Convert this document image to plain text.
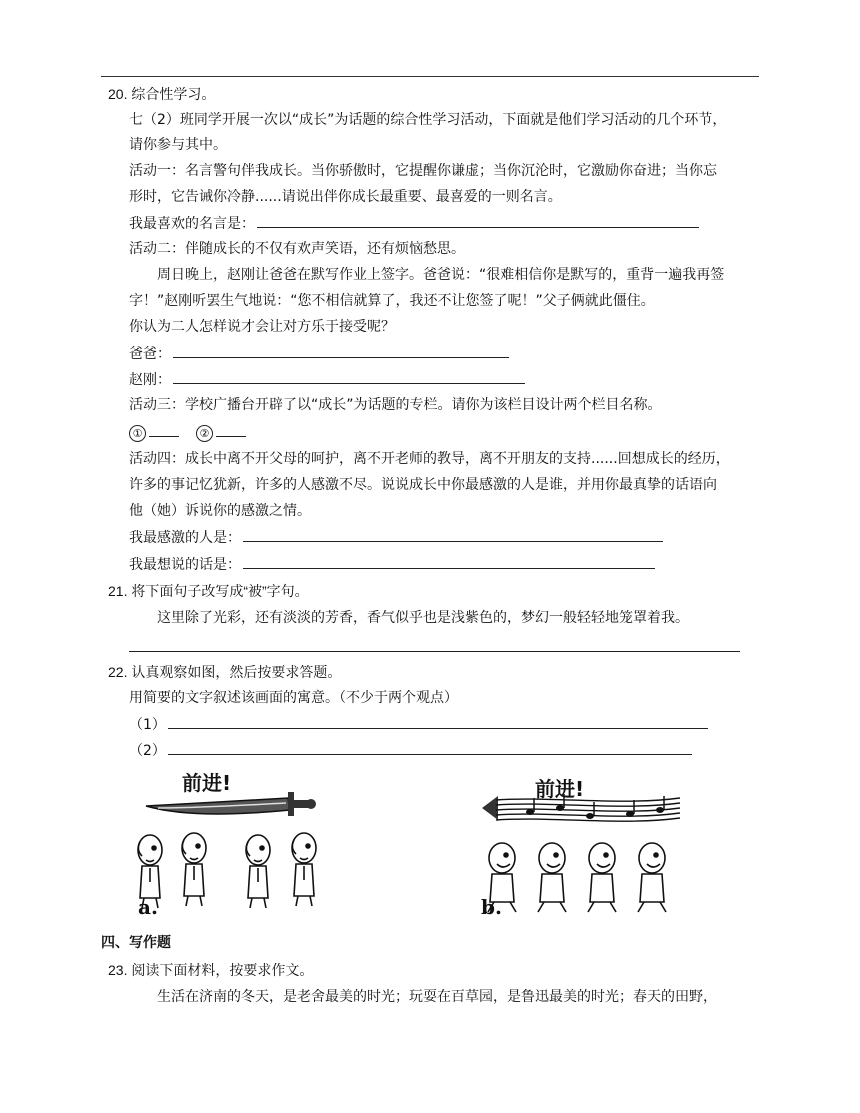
20. 综合性学习。
七（2）班同学开展一次以“成长”为话题的综合性学习活动，下面就是他们学习活动的几个环节，
请你参与其中。
活动一：名言警句伴我成长。当你骄傲时，它提醒你谦虚；当你沉沦时，它激励你奋进；当你忘
形时，它告诫你冷静......请说出伴你成长最重要、最喜爱的一则名言。
我最喜欢的名言是：
活动二：伴随成长的不仅有欢声笑语，还有烦恼愁思。
周日晚上，赵刚让爸爸在默写作业上签字。爸爸说：“很难相信你是默写的，重背一遍我再签
字！”赵刚听罢生气地说：“您不相信就算了，我还不让您签了呢！”父子俩就此僵住。
你认为二人怎样说才会让对方乐于接受呢？
爸爸：
赵刚：
活动三：学校广播台开辟了以“成长”为话题的专栏。请你为该栏目设计两个栏目名称。
①	②
活动四：成长中离不开父母的呵护，离不开老师的教导，离不开朋友的支持......回想成长的经历，
许多的事记忆犹新，许多的人感激不尽。说说成长中你最感激的人是谁，并用你最真挚的话语向
他（她）诉说你的感激之情。
我最感激的人是：
我最想说的话是：
21. 将下面句子改写成“被”字句。
这里除了光彩，还有淡淡的芳香，香气似乎也是浅紫色的，梦幻一般轻轻地笼罩着我。
22. 认真观察如图，然后按要求答题。
用简要的文字叙述该画面的寓意。（不少于两个观点）
（1）
（2）
前进!
a.
前进!
b.
四、写作题
23. 阅读下面材料，按要求作文。
生活在济南的冬天，是老舍最美的时光；玩耍在百草园，是鲁迅最美的时光；春天的田野，
